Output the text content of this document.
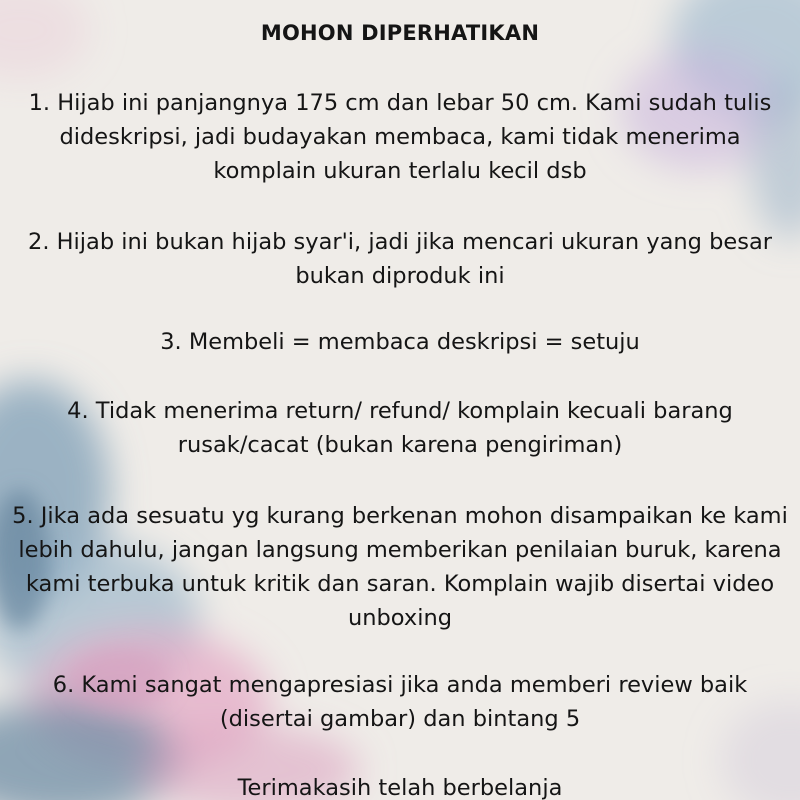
MOHON DIPERHATIKAN

1. Hijab ini panjangnya 175 cm dan lebar 50 cm. Kami sudah tulis dideskripsi, jadi budayakan membaca, kami tidak menerima komplain ukuran terlalu kecil dsb

2. Hijab ini bukan hijab syar'i, jadi jika mencari ukuran yang besar bukan diproduk ini

3. Membeli = membaca deskripsi = setuju

4. Tidak menerima return/ refund/ komplain kecuali barang rusak/cacat (bukan karena pengiriman)

5. Jika ada sesuatu yg kurang berkenan mohon disampaikan ke kami lebih dahulu, jangan langsung memberikan penilaian buruk, karena kami terbuka untuk kritik dan saran. Komplain wajib disertai video unboxing

6. Kami sangat mengapresiasi jika anda memberi review baik (disertai gambar) dan bintang 5

Terimakasih telah berbelanja
